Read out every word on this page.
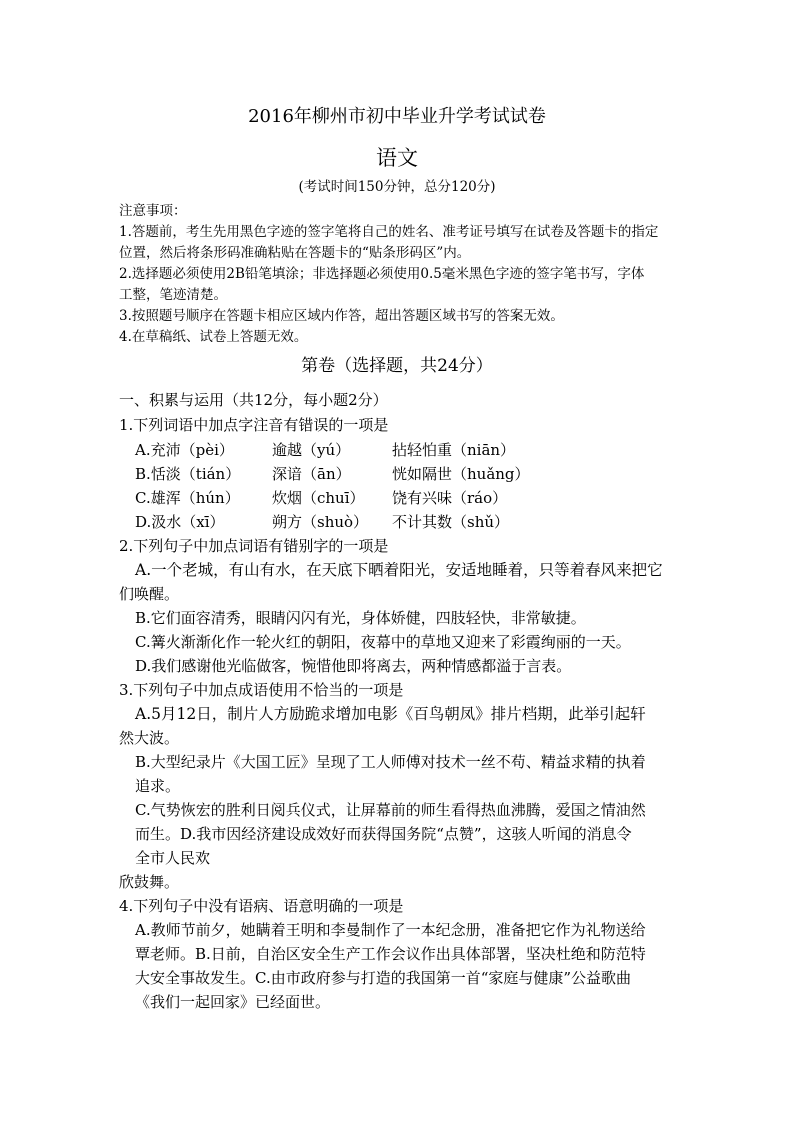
2016年柳州市初中毕业升学考试试卷
语文
(考试时间150分钟，总分120分)
注意事项：
1.答题前，考生先用黑色字迹的签字笔将自己的姓名、准考证号填写在试卷及答题卡的指定
位置，然后将条形码准确粘贴在答题卡的“贴条形码区”内。
2.选择题必须使用2B铅笔填涂；非选择题必须使用0.5毫米黑色字迹的签字笔书写，字体
工整，笔迹清楚。
3.按照题号顺序在答题卡相应区域内作答，超出答题区域书写的答案无效。
4.在草稿纸、试卷上答题无效。
第卷（选择题，共24分）
一、积累与运用（共12分，每小题2分）
1.下列词语中加点字注音有错误的一项是
A.充沛（pèi）	逾越（yú）	拈轻怕重（niān）
B.恬淡（tián） 深谙（ān）	恍如隔世（huǎng）
C.雄浑（hún） 炊烟（chuī） 饶有兴味（ráo）
D.汲水（xī）	朔方（shuò） 不计其数（shǔ）
2.下列句子中加点词语有错别字的一项是
A.一个老城，有山有水，在天底下晒着阳光，安适地睡着，只等着春风来把它
们唤醒。
B.它们面容清秀，眼睛闪闪有光，身体娇健，四肢轻快，非常敏捷。
C.篝火渐渐化作一轮火红的朝阳，夜幕中的草地又迎来了彩霞绚丽的一天。
D.我们感谢他光临做客，惋惜他即将离去，两种情感都溢于言表。
3.下列句子中加点成语使用不恰当的一项是
A.5月12日，制片人方励跪求增加电影《百鸟朝凤》排片档期，此举引起轩
然大波。
B.大型纪录片《大国工匠》呈现了工人师傅对技术一丝不苟、精益求精的执着
追求。
C.气势恢宏的胜利日阅兵仪式，让屏幕前的师生看得热血沸腾，爱国之情油然
而生。D.我市因经济建设成效好而获得国务院“点赞”，这骇人听闻的消息令
全市人民欢
欣鼓舞。
4.下列句子中没有语病、语意明确的一项是
A.教师节前夕，她瞒着王明和李曼制作了一本纪念册，准备把它作为礼物送给
覃老师。B.日前，自治区安全生产工作会议作出具体部署，坚决杜绝和防范特
大安全事故发生。C.由市政府参与打造的我国第一首“家庭与健康”公益歌曲
《我们一起回家》已经面世。
